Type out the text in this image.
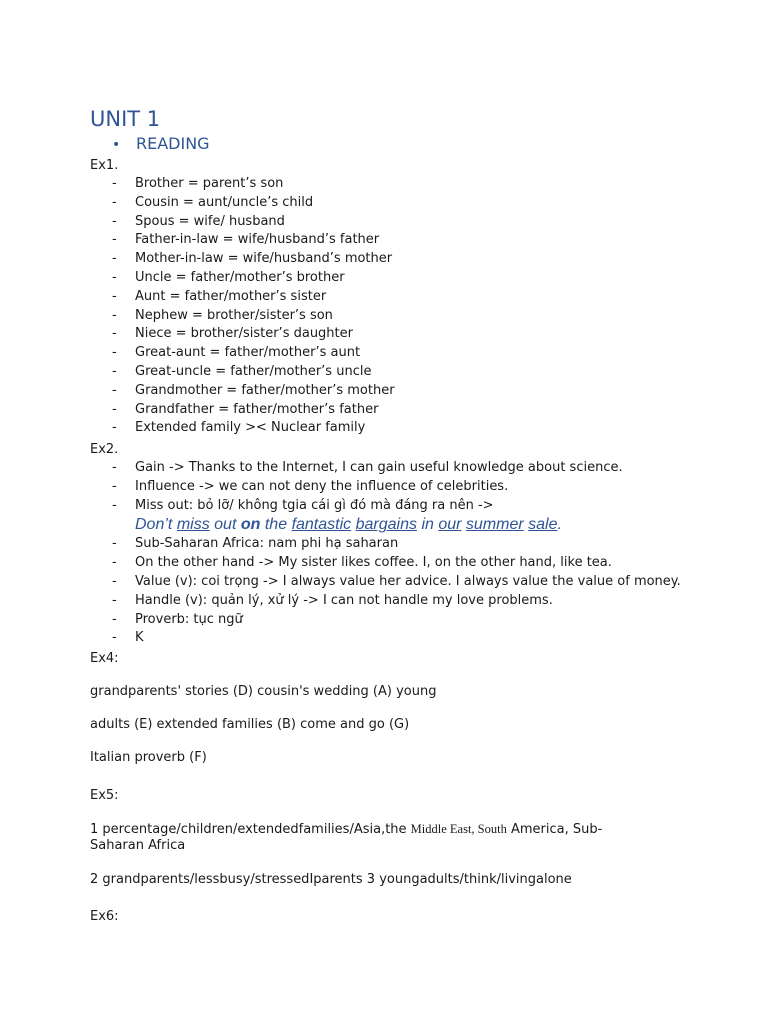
UNIT 1
• READING
Ex1.
- Brother = parent’s son
- Cousin = aunt/uncle’s child
- Spous = wife/ husband
- Father-in-law = wife/husband’s father
- Mother-in-law = wife/husband’s mother
- Uncle = father/mother’s brother
- Aunt = father/mother’s sister
- Nephew = brother/sister’s son
- Niece = brother/sister’s daughter
- Great-aunt = father/mother’s aunt
- Great-uncle = father/mother’s uncle
- Grandmother = father/mother’s mother
- Grandfather = father/mother’s father
- Extended family >< Nuclear family
Ex2.
- Gain -> Thanks to the Internet, I can gain useful knowledge about science.
- Influence -> we can not deny the influence of celebrities.
- Miss out: bỏ lỡ/ không tgia cái gì đó mà đáng ra nên ->
Don’t miss out on the fantastic bargains in our summer sale.
- Sub-Saharan Africa: nam phi hạ saharan
- On the other hand -> My sister likes coffee. I, on the other hand, like tea.
- Value (v): coi trọng -> I always value her advice. I always value the value of money.
- Handle (v): quản lý, xử lý -> I can not handle my love problems.
- Proverb: tục ngữ
- K
Ex4:
grandparents' stories (D) cousin's wedding (A) young
adults (E) extended families (B) come and go (G)
Italian proverb (F)
Ex5:
1 percentage/children/extendedfamilies/Asia,the Middle East, South America, Sub-Saharan Africa
2 grandparents/lessbusy/stressedIparents 3 youngadults/think/livingalone
Ex6:
